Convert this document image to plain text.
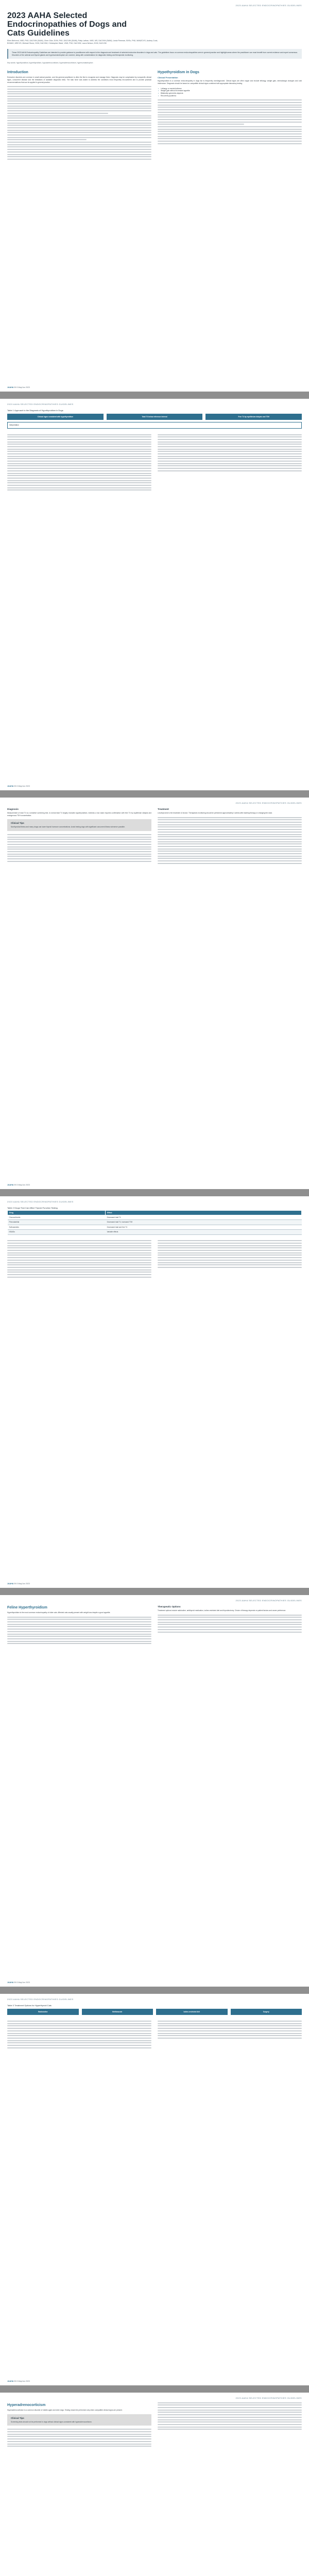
2023 AAHA SELECTED ENDOCRINOPATHIES GUIDELINES
2023 AAHA Selected Endocrinopathies of Dogs and Cats Guidelines
Ellen Behrend, VMD, PhD, DACVIM (SAIM), Chen Gilor, DVM, PhD, DACVIM (SAIM), Patty Lathan, VMD, MS, DACVIM (SAIM), Linda Fleeman, BVSc, PhD, MANZCVS, Audrey Cook, BVM&S, MRCVS, Michael Stone, DVM, DACVIM, Christopher Ward, VMD, PhD, DACVIM, Laura Nelson, DVM, DACVIM
These 2023 AAHA Endocrinopathy Guidelines are intended to provide guidance to practitioners with respect to the diagnosis and treatment of selected endocrine disorders in dogs and cats. The guidelines focus on common endocrinopathies seen in general practice and highlight areas where the practitioner can most benefit from current evidence and expert consensus. Disorders of the adrenal and thyroid glands and hypersomatotropism are covered, along with considerations for diagnostic testing and therapeutic monitoring.
Key words: hypothyroidism, hyperthyroidism, hypoadrenocorticism, hyperadrenocorticism, hypersomatotropism
Introduction

Endocrine disorders are common in small animal practice, and the general practitioner is often the first to recognize and manage them. Diagnosis may be complicated by nonspecific clinical signs, concurrent disease and the limitations of available diagnostic tests. The task force was asked to address the conditions most frequently encountered and to provide practical recommendations that can be applied in general practice.

Hypothyroidism in Dogs
Clinical Presentation

Hypothyroidism is a common endocrinopathy in dogs but is frequently overdiagnosed. Clinical signs are often vague and include lethargy, weight gain, dermatologic changes and cold intolerance. Diagnosis should be based on compatible clinical signs combined with appropriate laboratory testing.

• Lethargy or mental dullness
• Weight gain without increased appetite
• Bilaterally symmetric alopecia
• Recurrent pyoderma
JAAHA 59:3 May/Jun 2023
2023 AAHA SELECTED ENDOCRINOPATHIES GUIDELINES
Table 1 Approach to the Diagnosis of Hypothyroidism in Dogs
Clinical signs consistent with hypothyroidism	Total T4 below reference interval	Free T4 by equilibrium dialysis and TSH
Interpretation
JAAHA 59:3 May/Jun 2023
2023 AAHA SELECTED ENDOCRINOPATHIES GUIDELINES
Diagnosis

Measurement of total T4 is a sensitive screening test. A normal total T4 largely excludes hypothyroidism, whereas a low value requires confirmation with free T4 by equilibrium dialysis and endogenous TSH concentration.

Clinical Tips
Nonthyroidal illness and many drugs can lower thyroid hormone concentrations. Avoid testing dogs with significant concurrent illness whenever possible.
Treatment

Levothyroxine is the treatment of choice. Therapeutic monitoring should be performed approximately 4 weeks after starting therapy or changing the dose.

JAAHA 59:3 May/Jun 2023
2023 AAHA SELECTED ENDOCRINOPATHIES GUIDELINES
Table 2 Drugs That Can Affect Thyroid Function Testing
Drug	Effect
Glucocorticoids	Decreased total T4
Phenobarbital	Decreased total T4, increased TSH
Sulfonamides	Decreased total and free T4
NSAIDs	Variable effects
JAAHA 59:3 May/Jun 2023
2023 AAHA SELECTED ENDOCRINOPATHIES GUIDELINES
Feline Hyperthyroidism

Hyperthyroidism is the most common endocrinopathy of older cats. Affected cats usually present with weight loss despite a good appetite.

Therapeutic Options

Treatment options include radioiodine, antithyroid medication, iodine-restricted diet and thyroidectomy. Choice of therapy depends on patient factors and owner preference.

JAAHA 59:3 May/Jun 2023
2023 AAHA SELECTED ENDOCRINOPATHIES GUIDELINES
Table 3 Treatment Options for Hyperthyroid Cats
Radioiodine	Methimazole	Iodine-restricted diet	Surgery
JAAHA 59:3 May/Jun 2023
2023 AAHA SELECTED ENDOCRINOPATHIES GUIDELINES
Hyperadrenocorticism

Hyperadrenocorticism is a common disorder of middle-aged and older dogs. Testing should be performed only when compatible clinical signs are present.

Clinical Tips
Screening tests should not be performed in dogs without clinical signs consistent with hyperadrenocorticism.
